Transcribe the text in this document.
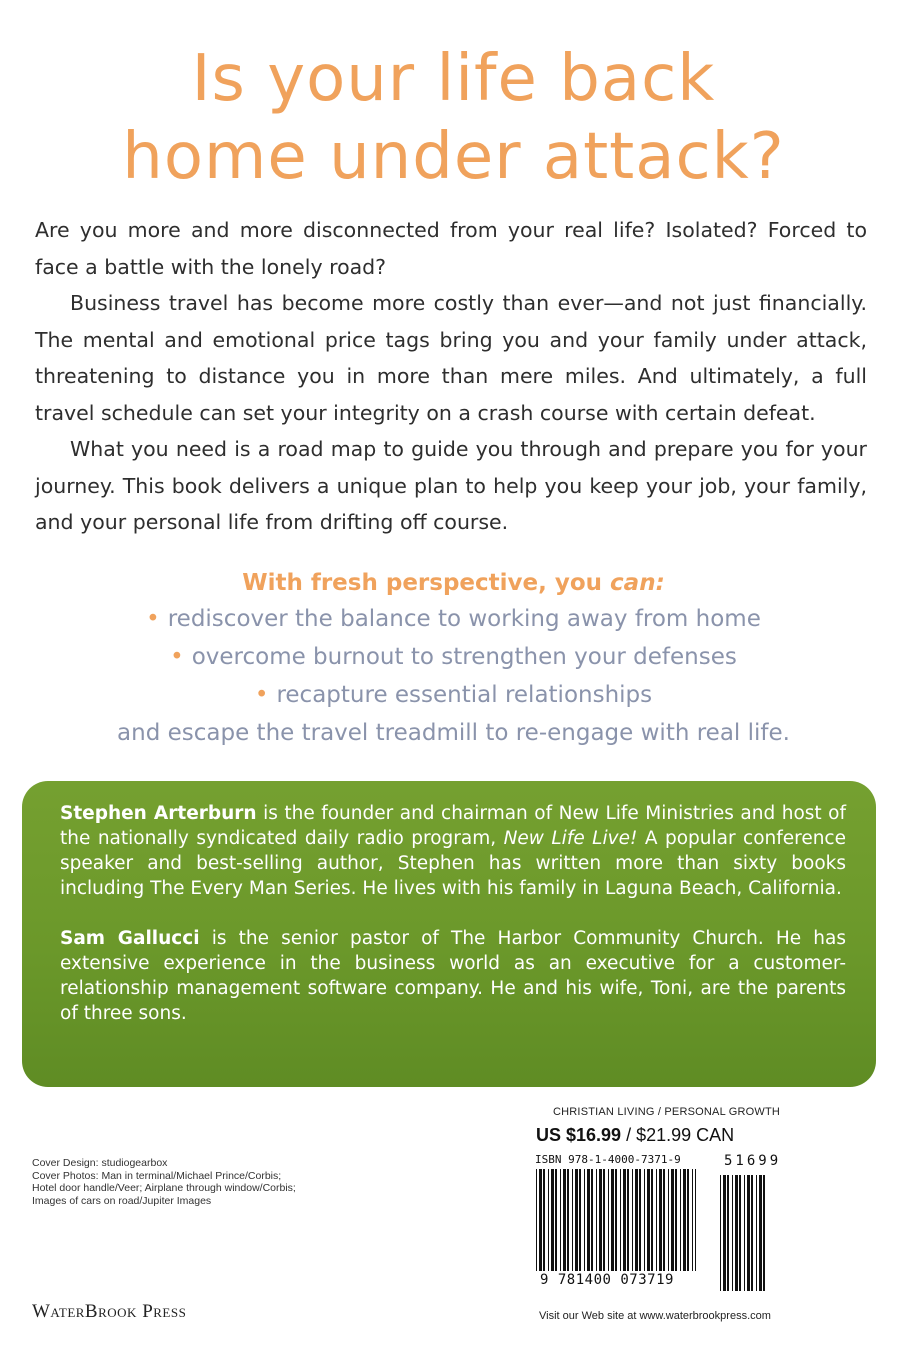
Is your life back
home under attack?

Are you more and more disconnected from your real life? Isolated? Forced to face a battle with the lonely road?

Business travel has become more costly than ever—and not just financially. The mental and emotional price tags bring you and your family under attack, threatening to distance you in more than mere miles. And ultimately, a full travel schedule can set your integrity on a crash course with certain defeat.

What you need is a road map to guide you through and prepare you for your journey. This book delivers a unique plan to help you keep your job, your family, and your personal life from drifting off course.

With fresh perspective, you can:
• rediscover the balance to working away from home
• overcome burnout to strengthen your defenses
• recapture essential relationships
and escape the travel treadmill to re-engage with real life.

Stephen Arterburn is the founder and chairman of New Life Ministries and host of the nationally syndicated daily radio program, New Life Live! A popular conference speaker and best-selling author, Stephen has written more than sixty books including The Every Man Series. He lives with his family in Laguna Beach, California.

Sam Gallucci is the senior pastor of The Harbor Community Church. He has extensive experience in the business world as an executive for a customer-relationship management software company. He and his wife, Toni, are the parents of three sons.

Cover Design: studiogearbox
Cover Photos: Man in terminal/Michael Prince/Corbis;
Hotel door handle/Veer; Airplane through window/Corbis;
Images of cars on road/Jupiter Images
WaterBrook Press
CHRISTIAN LIVING / PERSONAL GROWTH
US $16.99 / $21.99 CAN
ISBN 978-1-4000-7371-9	51699
9 781400 073719
Visit our Web site at www.waterbrookpress.com
